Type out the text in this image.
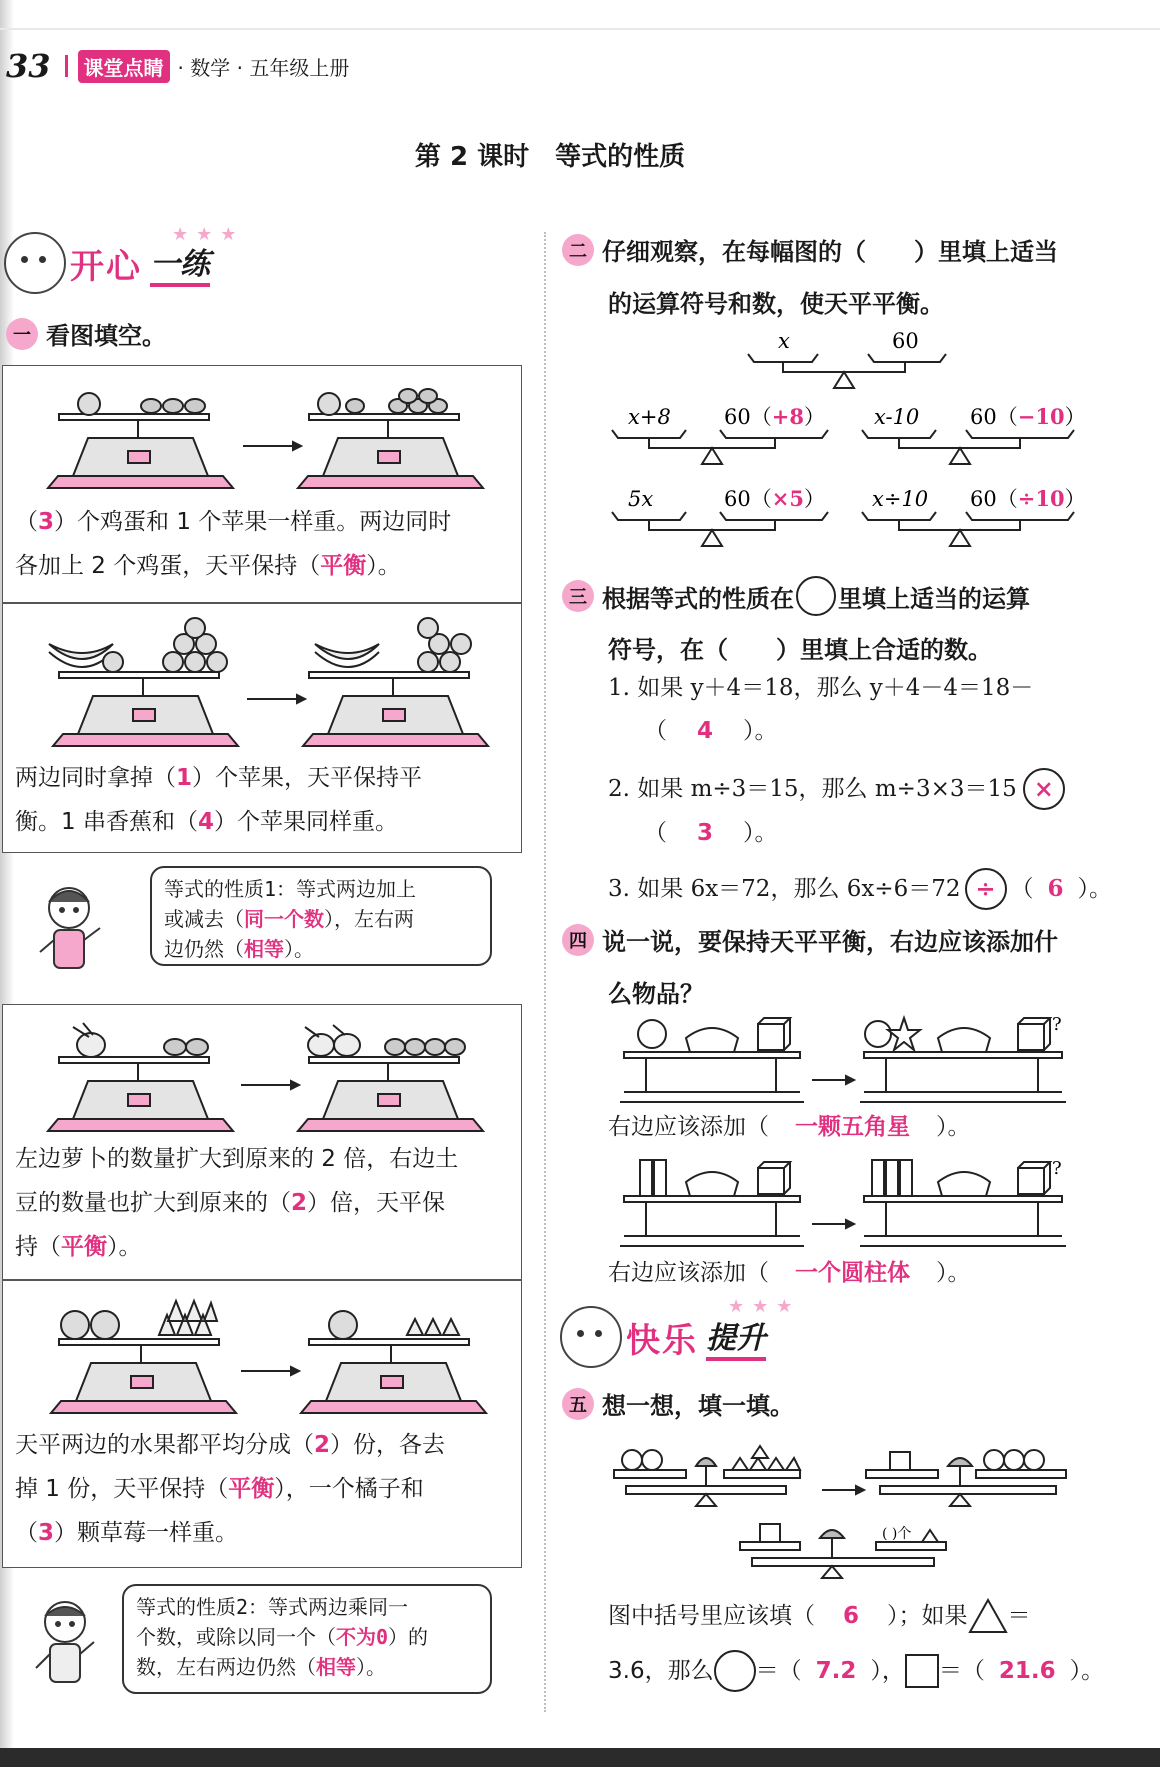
33	课堂点睛 · 数学 · 五年级上册
第 2 课时　等式的性质
开心 一练
★★★
一 看图填空。
（3）个鸡蛋和 1 个苹果一样重。两边同时
各加上 2 个鸡蛋，天平保持（平衡）。
两边同时拿掉（1）个苹果，天平保持平
衡。1 串香蕉和（4）个苹果同样重。
等式的性质1：等式两边加上
或减去（同一个数），左右两
边仍然（相等）。
左边萝卜的数量扩大到原来的 2 倍，右边土
豆的数量也扩大到原来的（2）倍，天平保
持（平衡）。
天平两边的水果都平均分成（2）份，各去
掉 1 份，天平保持（平衡），一个橘子和
（3）颗草莓一样重。
等式的性质2：等式两边乘同一
个数，或除以同一个（不为0）的
数，左右两边仍然（相等）。
二 仔细观察，在每幅图的（　　）里填上适当
的运算符号和数，使天平平衡。
x	60
x+8	60（+8） x-10 60（−10）
5x	60（×5） x÷10 60（÷10）
三 根据等式的性质在 里填上适当的运算
符号，在（　　）里填上合适的数。
1. 如果 y＋4＝18，那么 y＋4－4＝18－
（ 4 ）。
2. 如果 m÷3＝15，那么 m÷3×3＝15 ×
（ 3 ）。
3. 如果 6x＝72，那么 6x÷6＝72 ÷ （ 6 ）。
四 说一说，要保持天平平衡，右边应该添加什
么物品？
?
右边应该添加（ 一颗五角星 ）。
?
右边应该添加（ 一个圆柱体 ）。
快乐 提升
★★★
五 想一想，填一填。
( )个
图中括号里应该填（ 6 ）；如果 ＝
3.6，那么 ＝（ 7.2 ）， ＝（ 21.6 ）。
